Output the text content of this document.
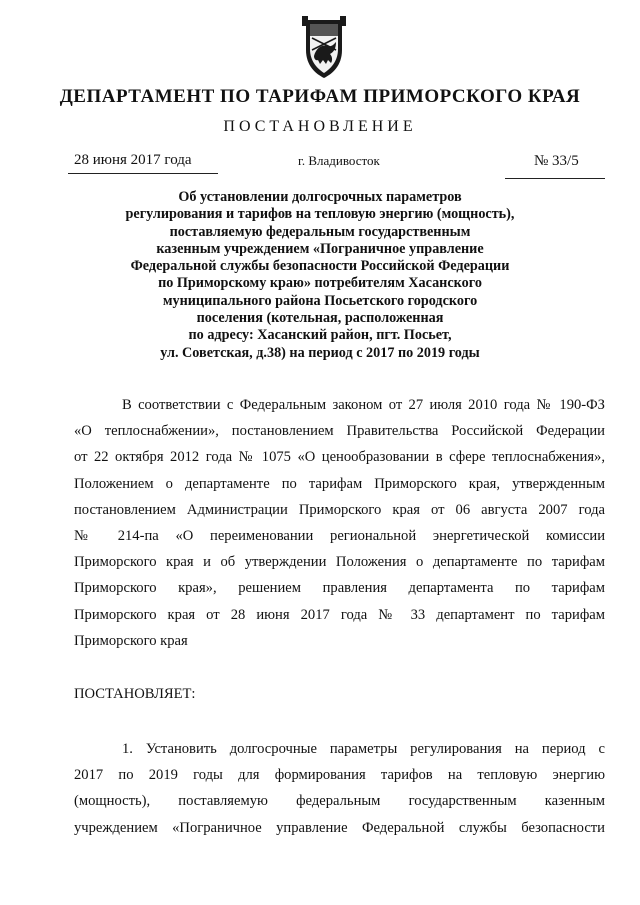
ДЕПАРТАМЕНТ ПО ТАРИФАМ ПРИМОРСКОГО КРАЯ
ПОСТАНОВЛЕНИЕ
28 июня 2017 года	г. Владивосток	№ 33/5
Об установлении долгосрочных параметров
регулирования и тарифов на тепловую энергию (мощность),
поставляемую федеральным государственным
казенным учреждением «Пограничное управление
Федеральной службы безопасности Российской Федерации
по Приморскому краю» потребителям Хасанского
муниципального района Посьетского городского
поселения (котельная, расположенная
по адресу: Хасанский район, пгт. Посьет,
ул. Советская, д.38) на период с 2017 по 2019 годы
В соответствии с Федеральным законом от 27 июля 2010 года № 190-ФЗ
«О теплоснабжении», постановлением Правительства Российской Федерации
от 22 октября 2012 года № 1075 «О ценообразовании в сфере теплоснабжения»,
Положением о департаменте по тарифам Приморского края, утвержденным
постановлением Администрации Приморского края от 06 августа 2007 года
№ 214-па «О переименовании региональной энергетической комиссии
Приморского края и об утверждении Положения о департаменте по тарифам
Приморского края», решением правления департамента по тарифам
Приморского края от 28 июня 2017 года № 33 департамент по тарифам
Приморского края
ПОСТАНОВЛЯЕТ:
1. Установить долгосрочные параметры регулирования на период с
2017 по 2019 годы для формирования тарифов на тепловую энергию
(мощность), поставляемую федеральным государственным казенным
учреждением «Пограничное управление Федеральной службы безопасности
